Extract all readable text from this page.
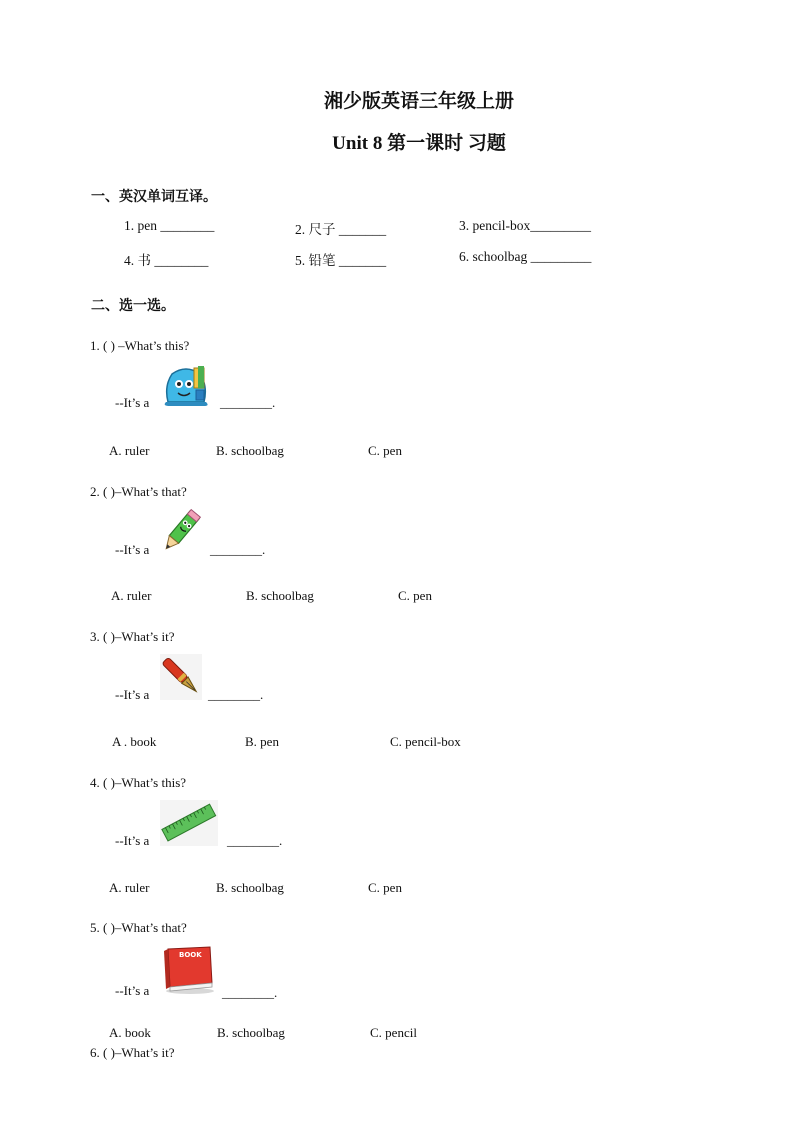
湘少版英语三年级上册
Unit 8 第一课时 习题
一、英汉单词互译。
1. pen ________	2. 尺子 _______	3. pencil-box_________
4. 书 ________	5. 铅笔 _______	6. schoolbag _________
二、选一选。
1. ( ) –What’s this?
--It’s a	________.
A. ruler	B. schoolbag	C. pen
2. ( )–What’s that?
--It’s a	________.
A. ruler	B. schoolbag	C. pen
3. ( )–What’s it?
--It’s a	________.
A . book	B. pen	C. pencil-box
4. ( )–What’s this?
--It’s a	________.
A. ruler	B. schoolbag	C. pen
5. ( )–What’s that?
--It’s a
BOOK
________.
A. book	B. schoolbag	C. pencil
6. ( )–What’s it?
